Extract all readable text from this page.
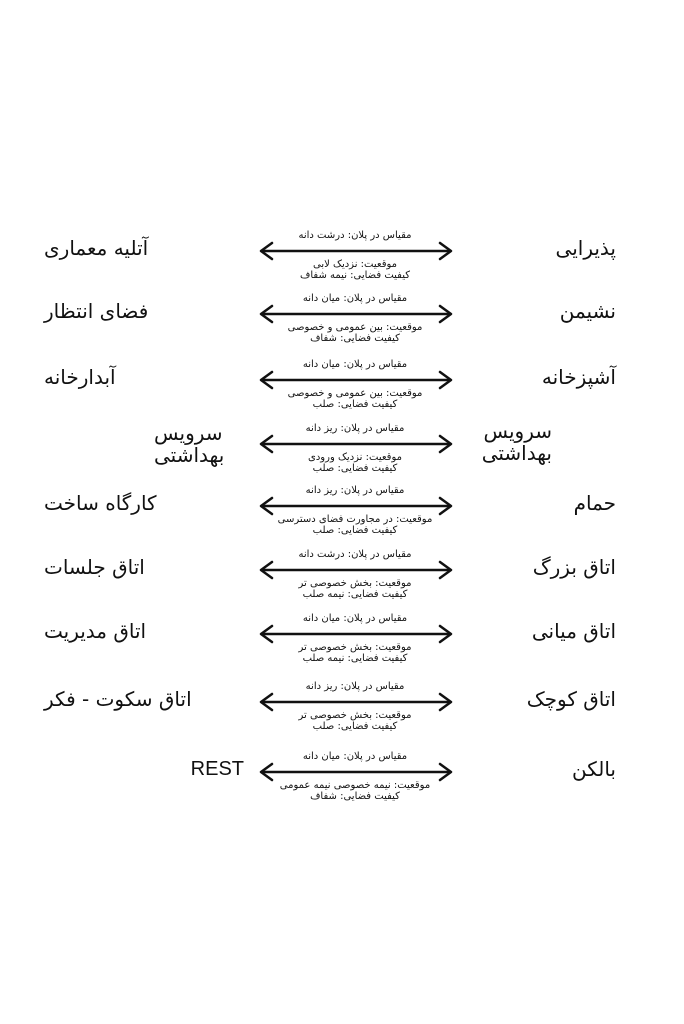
پذیرایی
مقیاس در پلان: درشت دانه
موقعیت: نزدیک لابی
کیفیت فضایی: نیمه شفاف
آتلیه معماری
نشیمن
مقیاس در پلان: میان دانه
موقعیت: بین عمومی و خصوصی
کیفیت فضایی: شفاف
فضای انتظار
آشپزخانه
مقیاس در پلان: میان دانه
موقعیت: بین عمومی و خصوصی
کیفیت فضایی: صلب
آبدارخانه
سرویس بهداشتی
مقیاس در پلان: ریز دانه
موقعیت: نزدیک ورودی
کیفیت فضایی: صلب
سرویس بهداشتی
حمام
مقیاس در پلان: ریز دانه
موقعیت: در مجاورت فضای دسترسی
کیفیت فضایی: صلب
کارگاه ساخت
اتاق بزرگ
مقیاس در پلان: درشت دانه
موقعیت: بخش خصوصی تر
کیفیت فضایی: نیمه صلب
اتاق جلسات
اتاق میانی
مقیاس در پلان: میان دانه
موقعیت: بخش خصوصی تر
کیفیت فضایی: نیمه صلب
اتاق مدیریت
اتاق کوچک
مقیاس در پلان: ریز دانه
موقعیت: بخش خصوصی تر
کیفیت فضایی: صلب
اتاق سکوت - فکر
بالکن
مقیاس در پلان: میان دانه
موقعیت: نیمه خصوصی نیمه عمومی
کیفیت فضایی: شفاف
REST
